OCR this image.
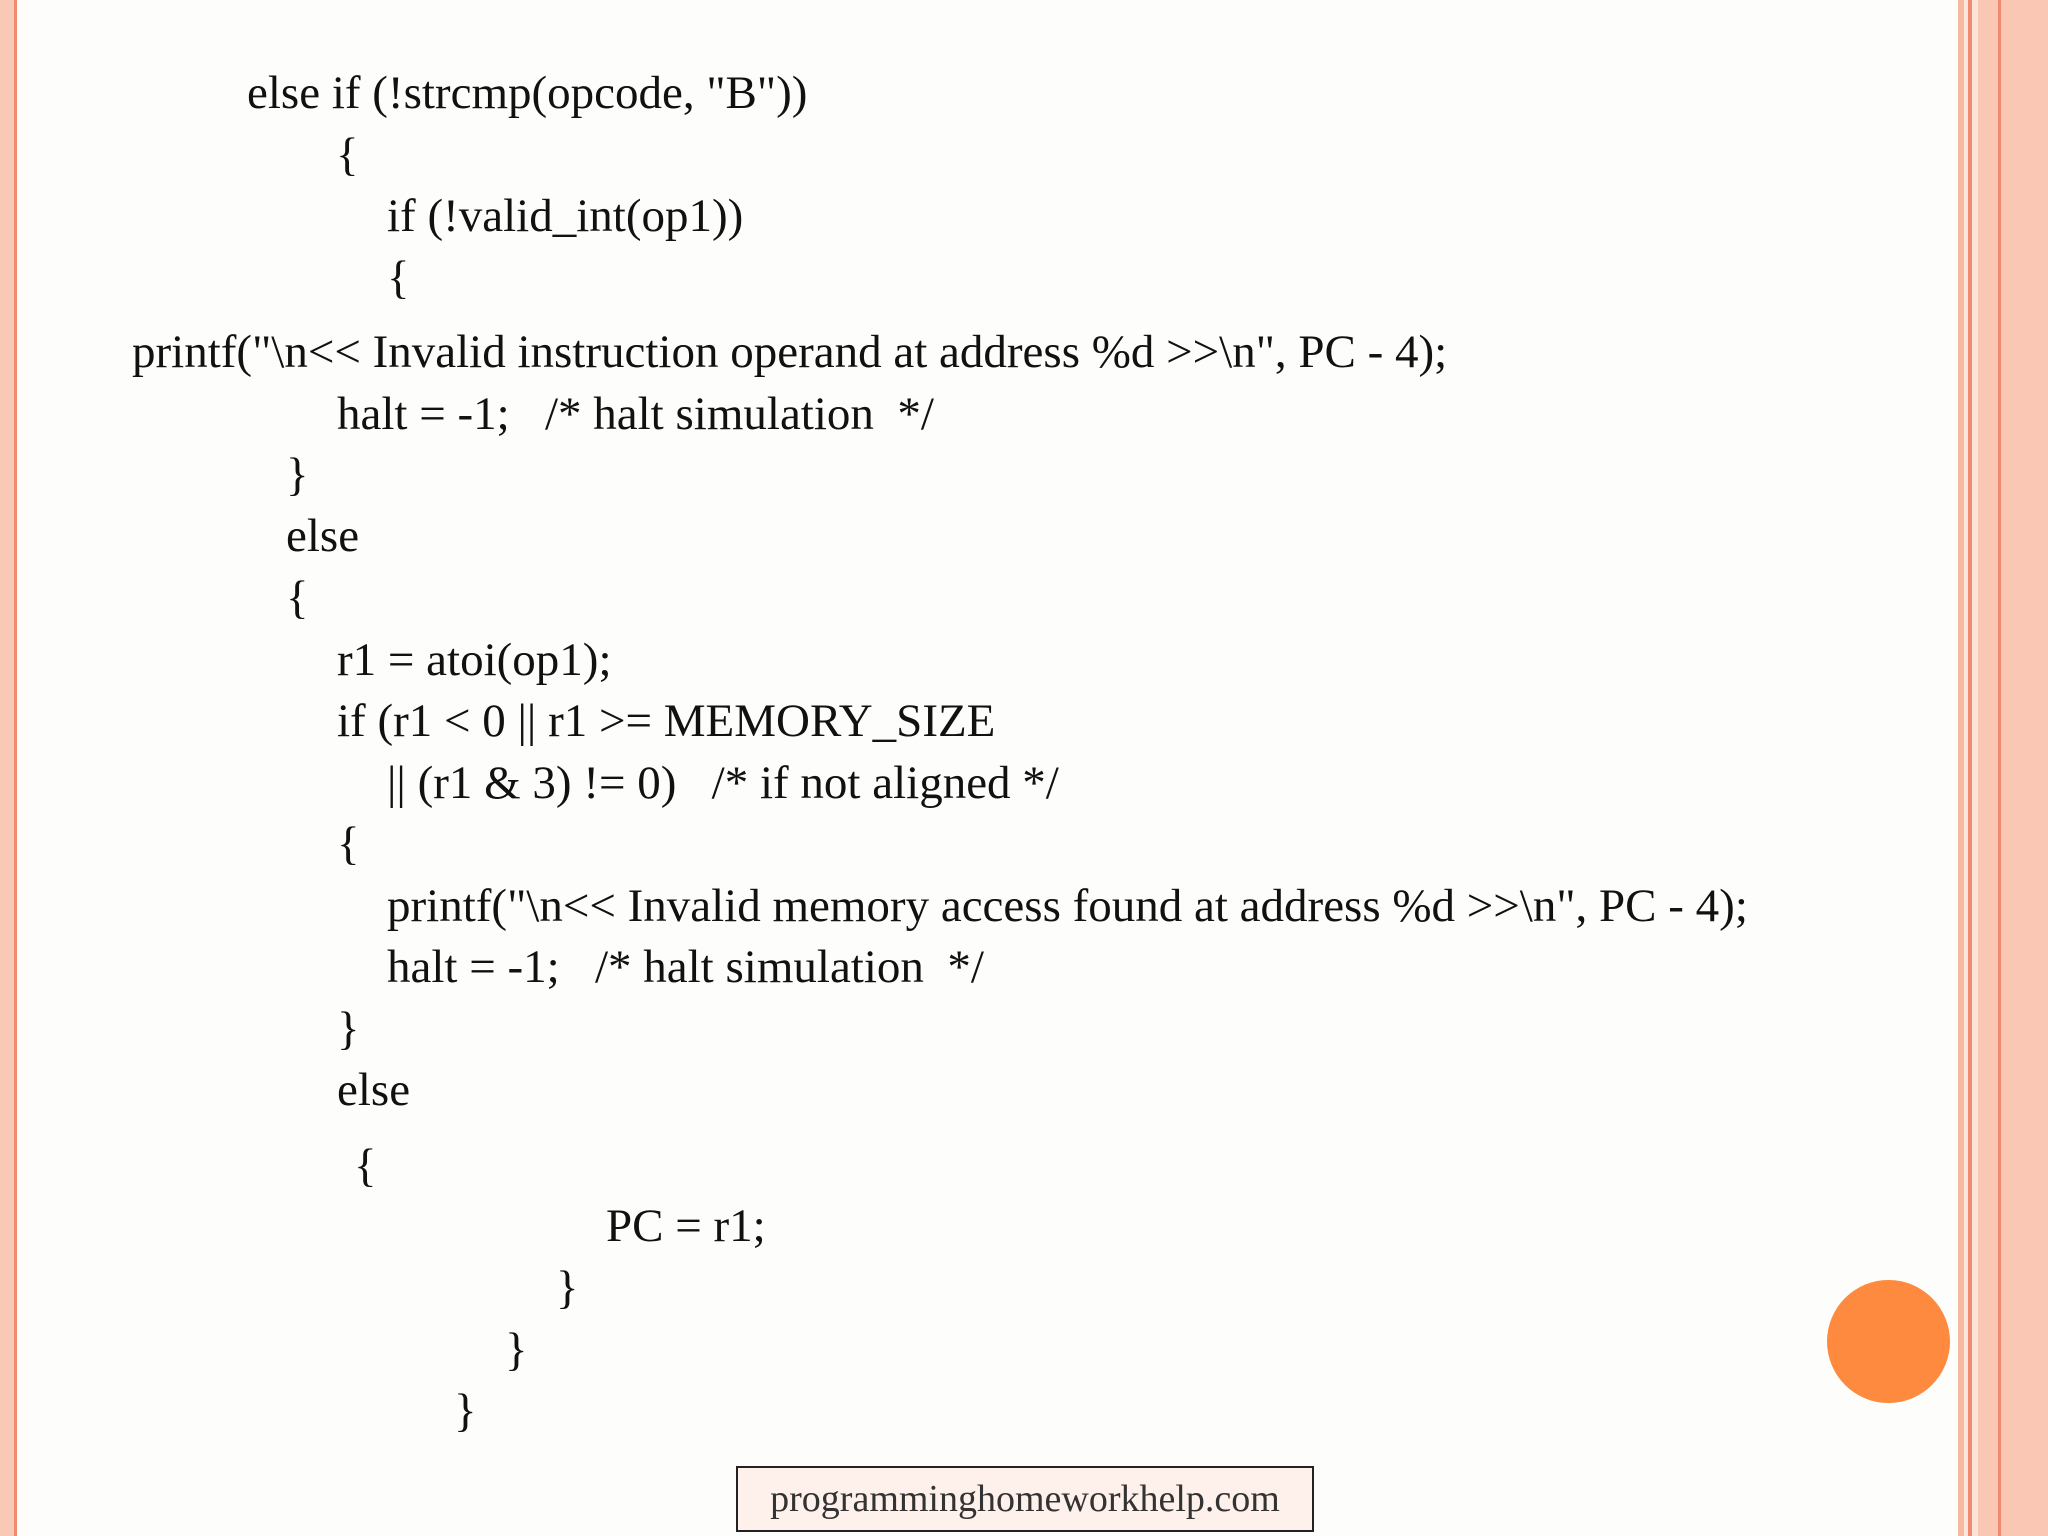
else if (!strcmp(opcode, "B"))
{
if (!valid_int(op1))
{
printf("\n<< Invalid instruction operand at address %d >>\n", PC - 4);
halt = -1;   /* halt simulation  */
}
else
{
r1 = atoi(op1);
if (r1 < 0 || r1 >= MEMORY_SIZE
|| (r1 & 3) != 0)   /* if not aligned */
{
printf("\n<< Invalid memory access found at address %d >>\n", PC - 4);
halt = -1;   /* halt simulation  */
}
else
{
PC = r1;
}
}
}
programminghomeworkhelp.com
